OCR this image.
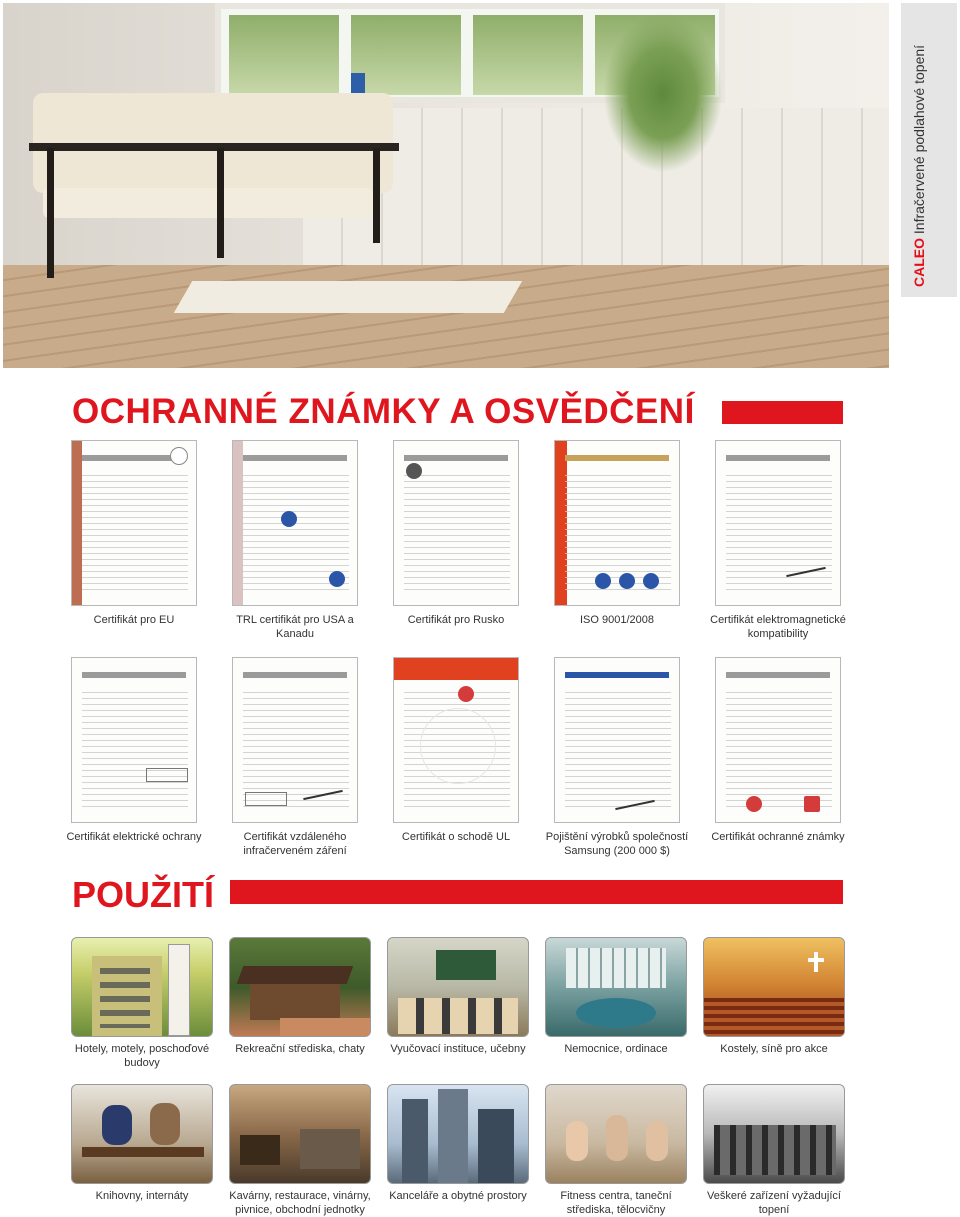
CALEO Infračervené podlahové topení
OCHRANNÉ ZNÁMKY A OSVĚDČENÍ
Certifikát pro EU	TRL certifikát pro USA a Kanadu
Certifikát pro Rusko	ISO 9001/2008	Certifikát elektromagnetické kompatibility
Certifikát elektrické ochrany	Certifikát vzdáleného infračerveném záření
Certifikát o schodě UL	Pojištění výrobků společností Samsung (200 000 $)
Certifikát ochranné známky
POUŽITÍ
Hotely, motely, poschoďové budovy
Rekreační střediska, chaty	Vyučovací instituce, učebny	Nemocnice, ordinace	Kostely, síně pro akce
Knihovny, internáty	Kavárny, restaurace, vinárny, pivnice, obchodní jednotky
Kanceláře a obytné prostory	Fitness centra, taneční střediska, tělocvičny
Veškeré zařízení vyžadující topení
